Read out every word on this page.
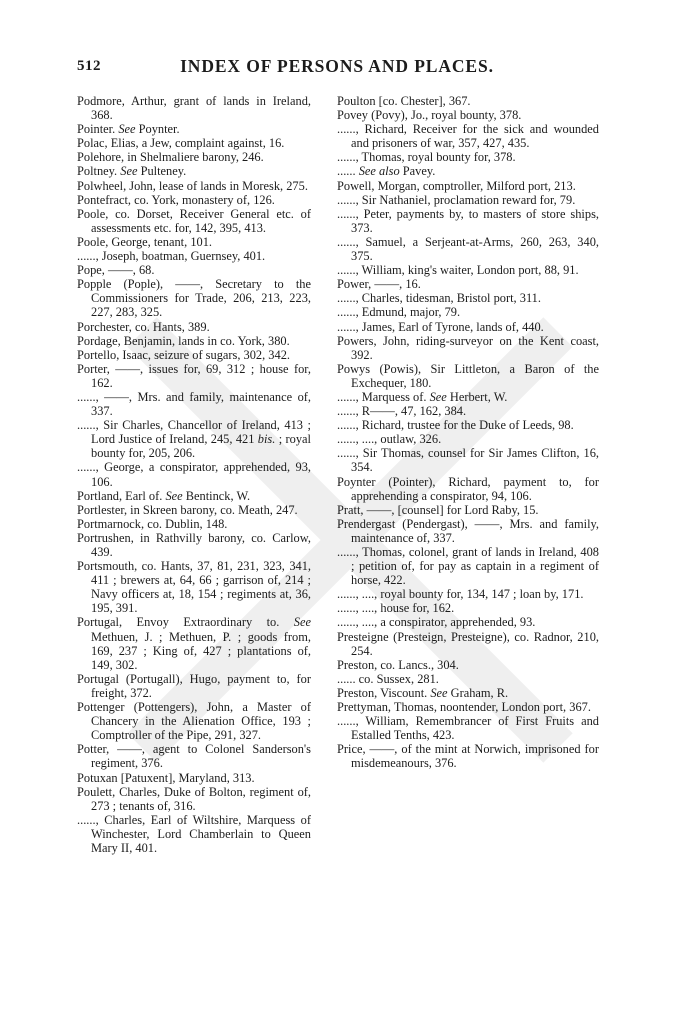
512	INDEX OF PERSONS AND PLACES.
Podmore, Arthur, grant of lands in Ireland, 368.
Pointer. See Poynter.
Polac, Elias, a Jew, complaint against, 16.
Polehore, in Shelmaliere barony, 246.
Poltney. See Pulteney.
Polwheel, John, lease of lands in Moresk, 275.
Pontefract, co. York, monastery of, 126.
Poole, co. Dorset, Receiver General etc. of assessments etc. for, 142, 395, 413.
Poole, George, tenant, 101.
......, Joseph, boatman, Guernsey, 401.
Pope, ——, 68.
Popple (Pople), ——, Secretary to the Commissioners for Trade, 206, 213, 223, 227, 283, 325.
Porchester, co. Hants, 389.
Pordage, Benjamin, lands in co. York, 380.
Portello, Isaac, seizure of sugars, 302, 342.
Porter, ——, issues for, 69, 312 ; house for, 162.
......, ——, Mrs. and family, maintenance of, 337.
......, Sir Charles, Chancellor of Ireland, 413 ; Lord Justice of Ireland, 245, 421 bis. ; royal bounty for, 205, 206.
......, George, a conspirator, apprehended, 93, 106.
Portland, Earl of. See Bentinck, W.
Portlester, in Skreen barony, co. Meath, 247.
Portmarnock, co. Dublin, 148.
Portrushen, in Rathvilly barony, co. Carlow, 439.
Portsmouth, co. Hants, 37, 81, 231, 323, 341, 411 ; brewers at, 64, 66 ; garrison of, 214 ; Navy officers at, 18, 154 ; regiments at, 36, 195, 391.
Portugal, Envoy Extraordinary to. See Methuen, J. ; Methuen, P. ; goods from, 169, 237 ; King of, 427 ; plantations of, 149, 302.
Portugal (Portugall), Hugo, payment to, for freight, 372.
Pottenger (Pottengers), John, a Master of Chancery in the Alienation Office, 193 ; Comptroller of the Pipe, 291, 327.
Potter, ——, agent to Colonel Sanderson's regiment, 376.
Potuxan [Patuxent], Maryland, 313.
Poulett, Charles, Duke of Bolton, regiment of, 273 ; tenants of, 316.
......, Charles, Earl of Wiltshire, Marquess of Winchester, Lord Chamberlain to Queen Mary II, 401.
Poulton [co. Chester], 367.
Povey (Povy), Jo., royal bounty, 378.
......, Richard, Receiver for the sick and wounded and prisoners of war, 357, 427, 435.
......, Thomas, royal bounty for, 378.
...... See also Pavey.
Powell, Morgan, comptroller, Milford port, 213.
......, Sir Nathaniel, proclamation reward for, 79.
......, Peter, payments by, to masters of store ships, 373.
......, Samuel, a Serjeant-at-Arms, 260, 263, 340, 375.
......, William, king's waiter, London port, 88, 91.
Power, ——, 16.
......, Charles, tidesman, Bristol port, 311.
......, Edmund, major, 79.
......, James, Earl of Tyrone, lands of, 440.
Powers, John, riding-surveyor on the Kent coast, 392.
Powys (Powis), Sir Littleton, a Baron of the Exchequer, 180.
......, Marquess of. See Herbert, W.
......, R——, 47, 162, 384.
......, Richard, trustee for the Duke of Leeds, 98.
......, ...., outlaw, 326.
......, Sir Thomas, counsel for Sir James Clifton, 16, 354.
Poynter (Pointer), Richard, payment to, for apprehending a conspirator, 94, 106.
Pratt, ——, [counsel] for Lord Raby, 15.
Prendergast (Pendergast), ——, Mrs. and family, maintenance of, 337.
......, Thomas, colonel, grant of lands in Ireland, 408 ; petition of, for pay as captain in a regiment of horse, 422.
......, ...., royal bounty for, 134, 147 ; loan by, 171.
......, ...., house for, 162.
......, ...., a conspirator, apprehended, 93.
Presteigne (Presteign, Presteigne), co. Radnor, 210, 254.
Preston, co. Lancs., 304.
...... co. Sussex, 281.
Preston, Viscount. See Graham, R.
Prettyman, Thomas, noontender, London port, 367.
......, William, Remembrancer of First Fruits and Estalled Tenths, 423.
Price, ——, of the mint at Norwich, imprisoned for misdemeanours, 376.
